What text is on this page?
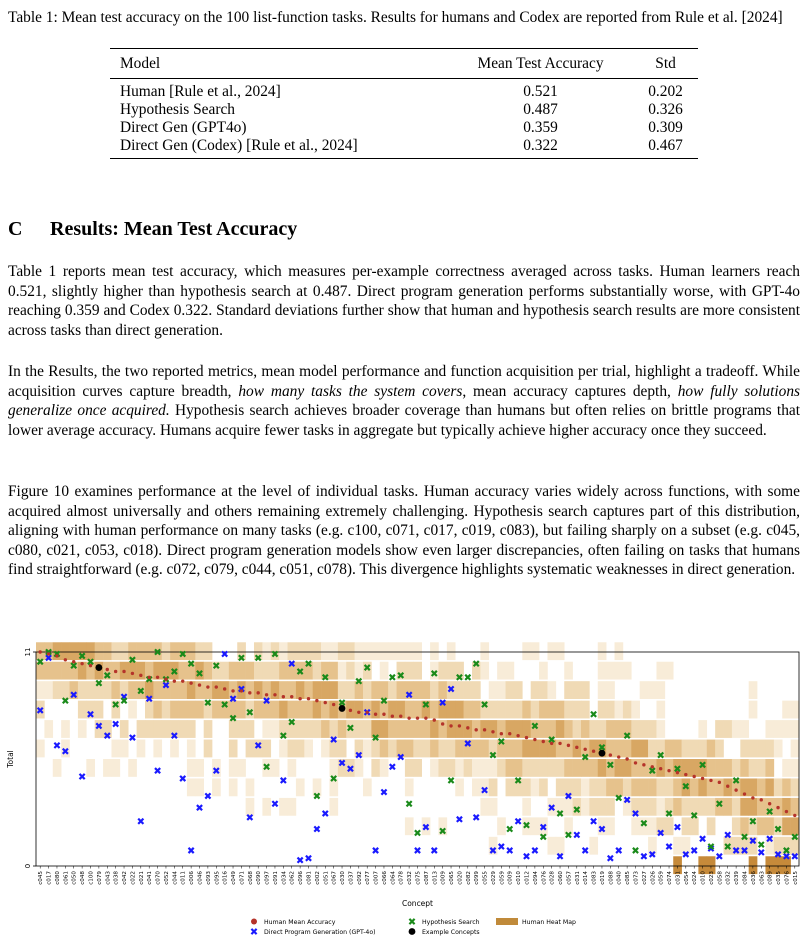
Table 1: Mean test accuracy on the 100 list-function tasks. Results for humans and Codex are reported from Rule et al. [2024]

Model	Mean Test Accuracy	Std
Human [Rule et al., 2024]	0.521	0.202
Hypothesis Search	0.487	0.326
Direct Gen (GPT4o)	0.359	0.309
Direct Gen (Codex) [Rule et al., 2024]	0.322	0.467
C Results: Mean Test Accuracy

Table 1 reports mean test accuracy, which measures per-example correctness averaged across tasks. Human learners reach 0.521, slightly higher than hypothesis search at 0.487. Direct program generation performs substantially worse, with GPT-4o reaching 0.359 and Codex 0.322. Standard deviations further show that human and hypothesis search results are more consistent across tasks than direct generation.

In the Results, the two reported metrics, mean model performance and function acquisition per trial, highlight a tradeoff. While acquisition curves capture breadth, how many tasks the system covers, mean accuracy captures depth, how fully solutions generalize once acquired. Hypothesis search achieves broader coverage than humans but often relies on brittle programs that lower average accuracy. Humans acquire fewer tasks in aggregate but typically achieve higher accuracy once they succeed.

Figure 10 examines performance at the level of individual tasks. Human accuracy varies widely across functions, with some acquired almost universally and others remaining extremely challenging. Hypothesis search captures part of this distribution, aligning with human performance on many tasks (e.g. c100, c071, c017, c019, c083), but failing sharply on a subset (e.g. c045, c080, c021, c053, c018). Direct program generation models show even larger discrepancies, often failing on tasks that humans find straightforward (e.g. c072, c079, c044, c051, c078). This divergence highlights systematic weaknesses in direct generation.

0
11
Total
c045 c017 c080 c061 c050 c048 c100 c079 c043 c038 c042 c022 c021 c041 c070 c052 c044 c011 c006 c046 c093 c095 c016 c049 c071 c068 c090 c097 c091 c034 c062 c096 c081 c002 c051 c067 c030 c037 c092 c077 c007 c066 c064 c078 c032 c075 c087 c013 c009 c065 c020 c082 c099 c055 c029 c059 c009 c010 c012 c094 c076 c028 c060 c057 c031 c014 c083 c019 c088 c040 c085 c073 c027 c026 c059 c074 c031 c054 c024 c010 c023 c058 c032 c039 c084 c036 c063 c089 c035 c076 c015
Concept
Human Mean Accuracy
Direct Program Generation (GPT-4o)
Hypothesis Search
Example Concepts
Human Heat Map
